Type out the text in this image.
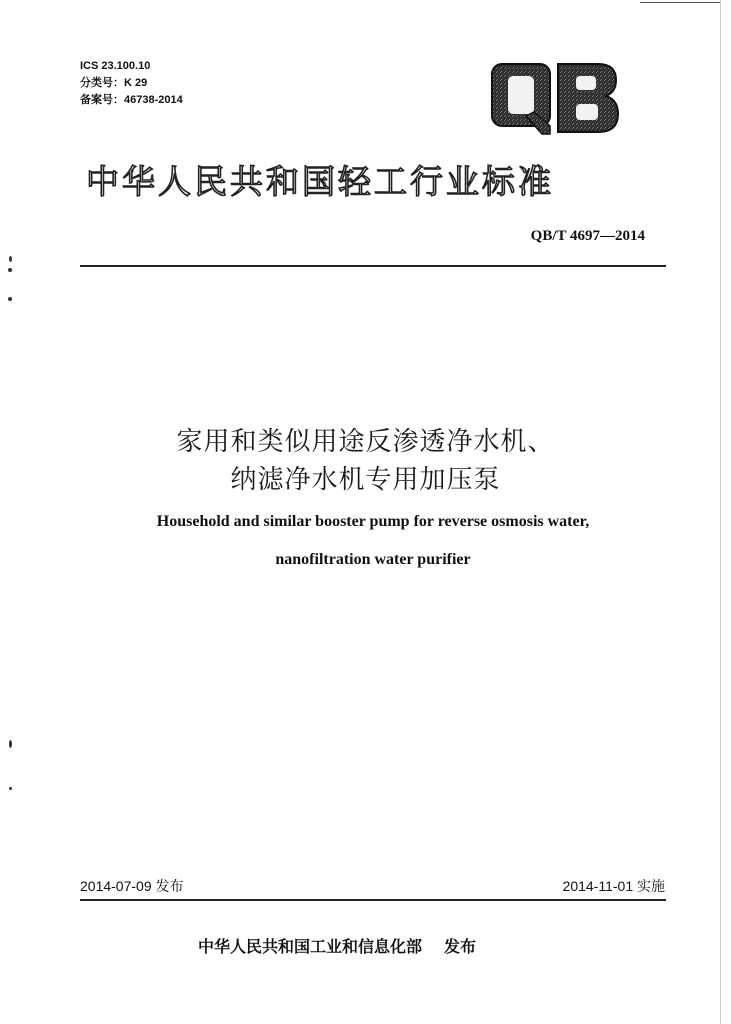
ICS 23.100.10
分类号：K 29
备案号：46738-2014
中华人民共和国轻工行业标准
QB/T 4697—2014
家用和类似用途反渗透净水机、
纳滤净水机专用加压泵
Household and similar booster pump for reverse osmosis water,
nanofiltration water purifier
2014-07-09 发布	2014-11-01 实施
中华人民共和国工业和信息化部 发布
